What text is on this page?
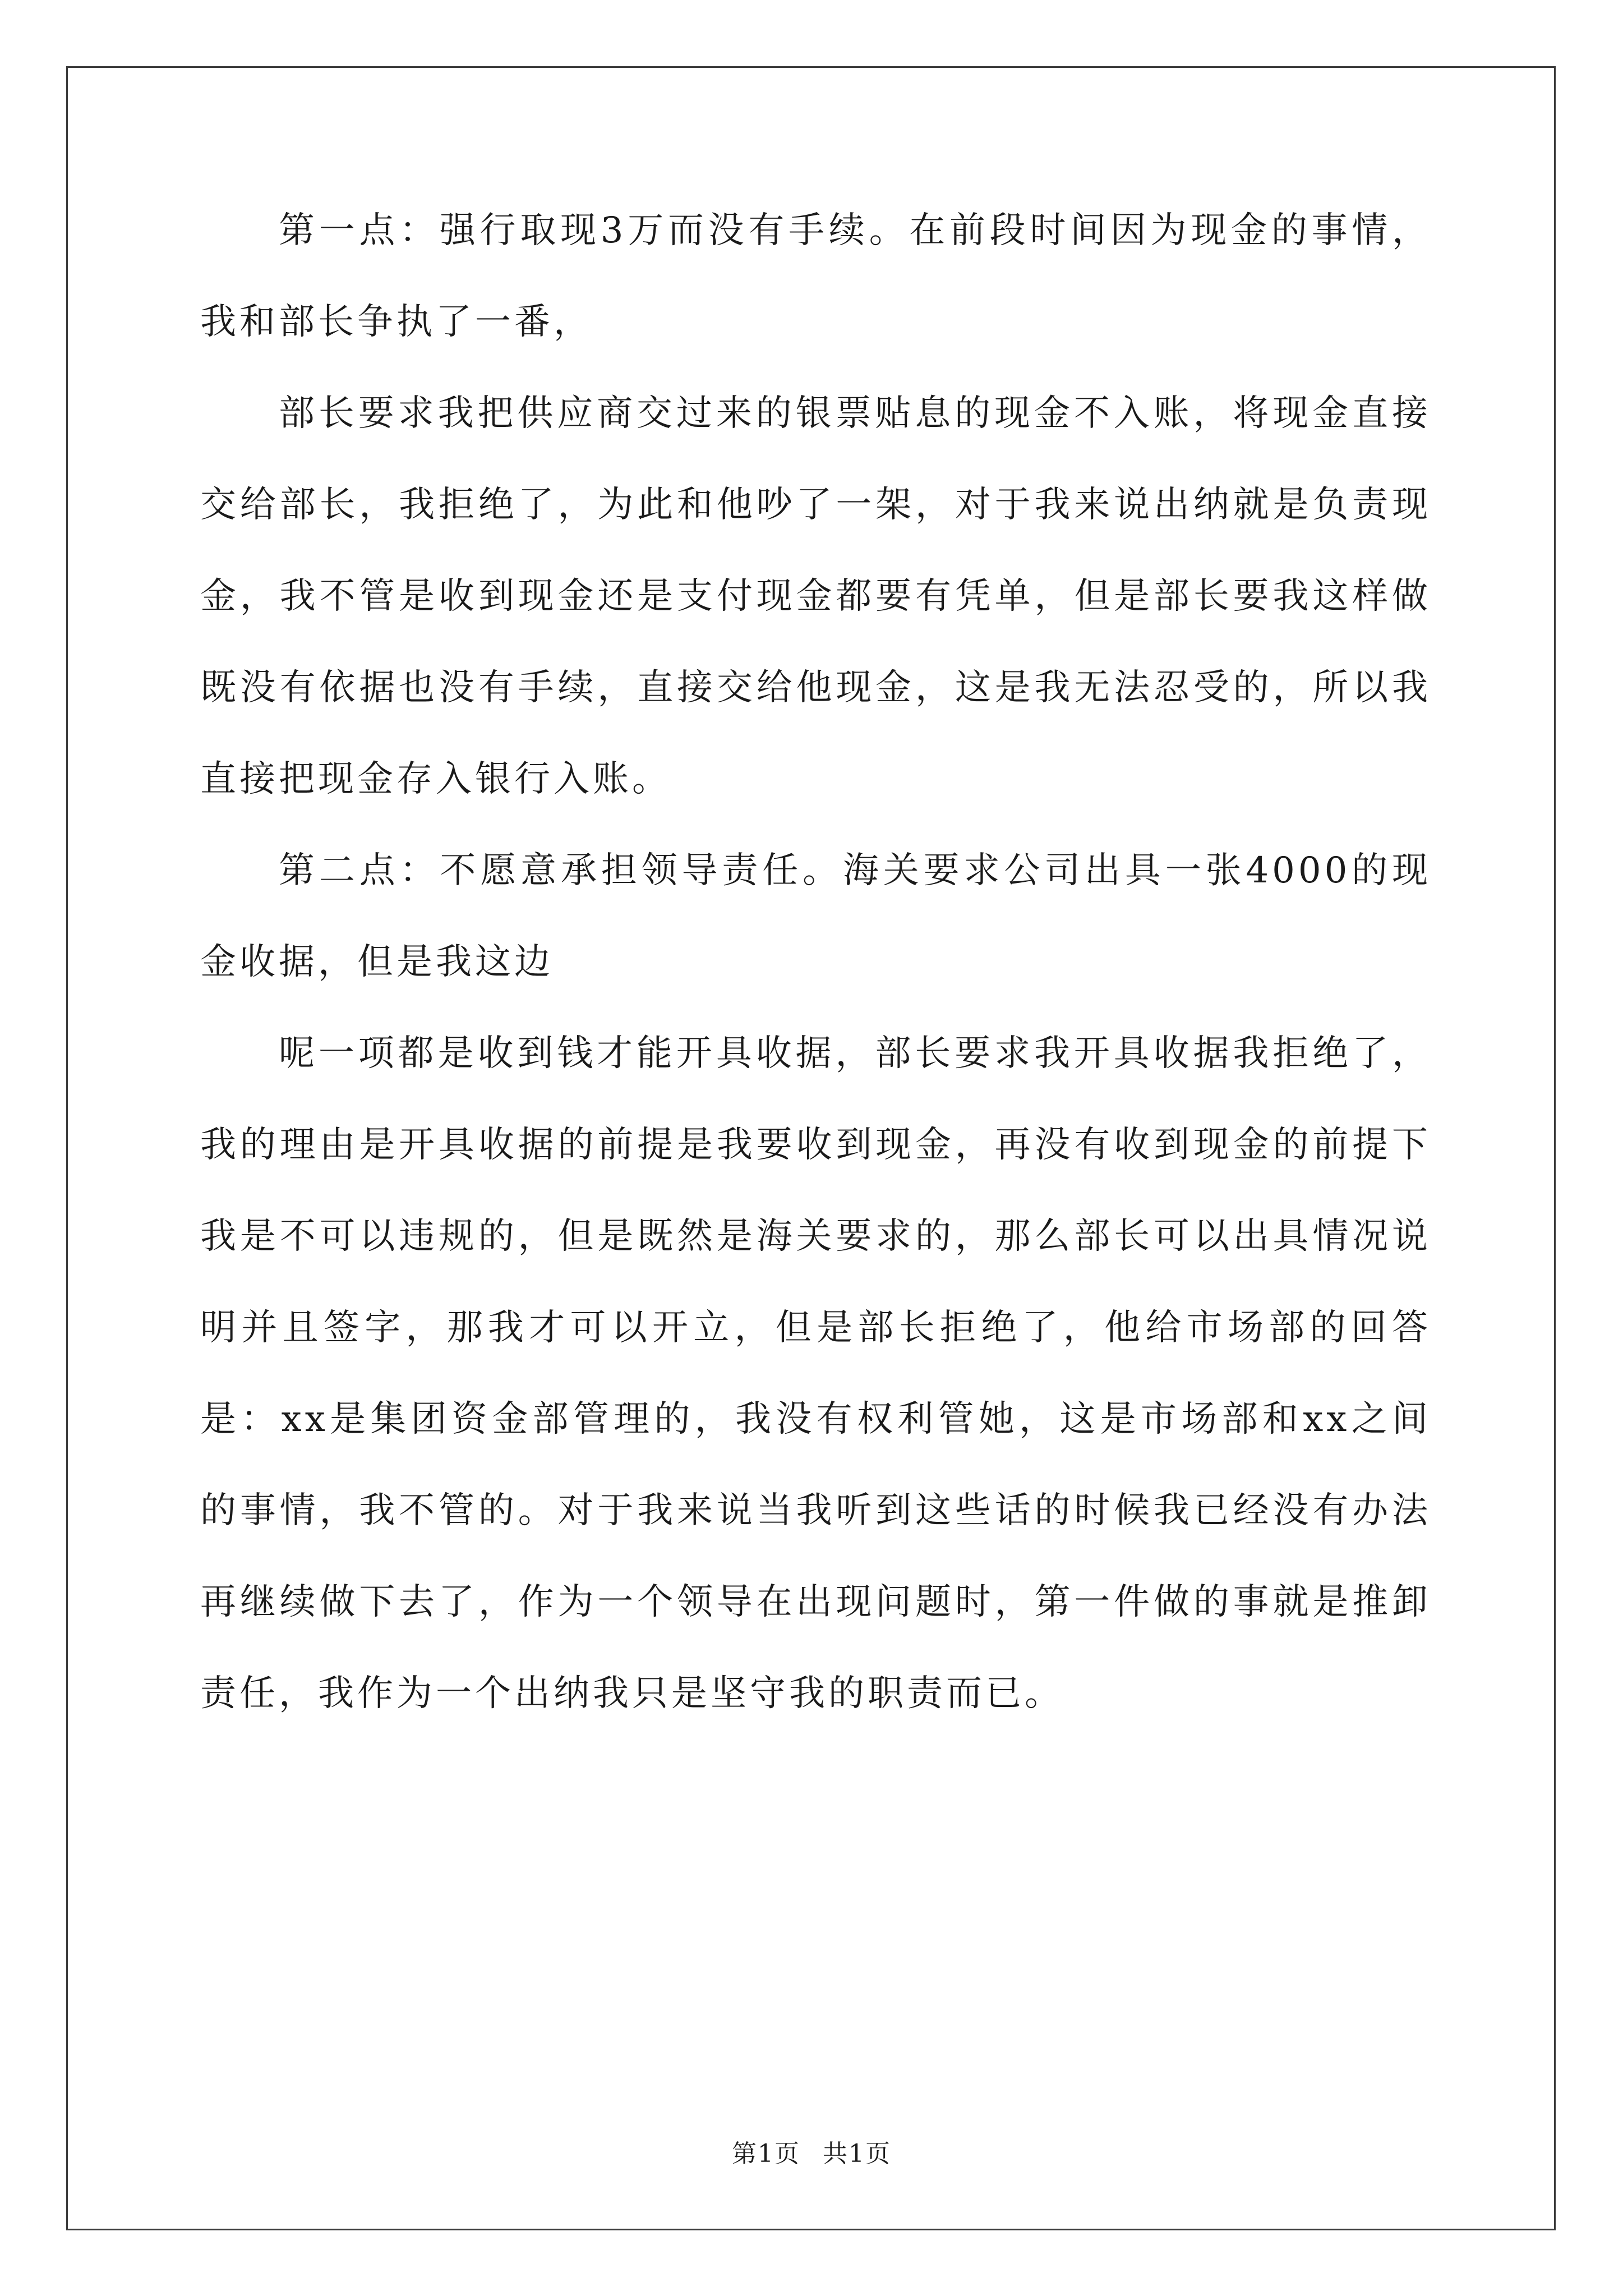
第一点：强行取现3万而没有手续。在前段时间因为现金的事情，我和部长争执了一番，

部长要求我把供应商交过来的银票贴息的现金不入账，将现金直接交给部长，我拒绝了，为此和他吵了一架，对于我来说出纳就是负责现金，我不管是收到现金还是支付现金都要有凭单，但是部长要我这样做既没有依据也没有手续，直接交给他现金，这是我无法忍受的，所以我直接把现金存入银行入账。

第二点：不愿意承担领导责任。海关要求公司出具一张4000的现金收据，但是我这边

呢一项都是收到钱才能开具收据，部长要求我开具收据我拒绝了，我的理由是开具收据的前提是我要收到现金，再没有收到现金的前提下我是不可以违规的，但是既然是海关要求的，那么部长可以出具情况说明并且签字，那我才可以开立，但是部长拒绝了，他给市场部的回答是：xx是集团资金部管理的，我没有权利管她，这是市场部和xx之间的事情，我不管的。对于我来说当我听到这些话的时候我已经没有办法再继续做下去了，作为一个领导在出现问题时，第一件做的事就是推卸责任，我作为一个出纳我只是坚守我的职责而已。

第1页 共1页
